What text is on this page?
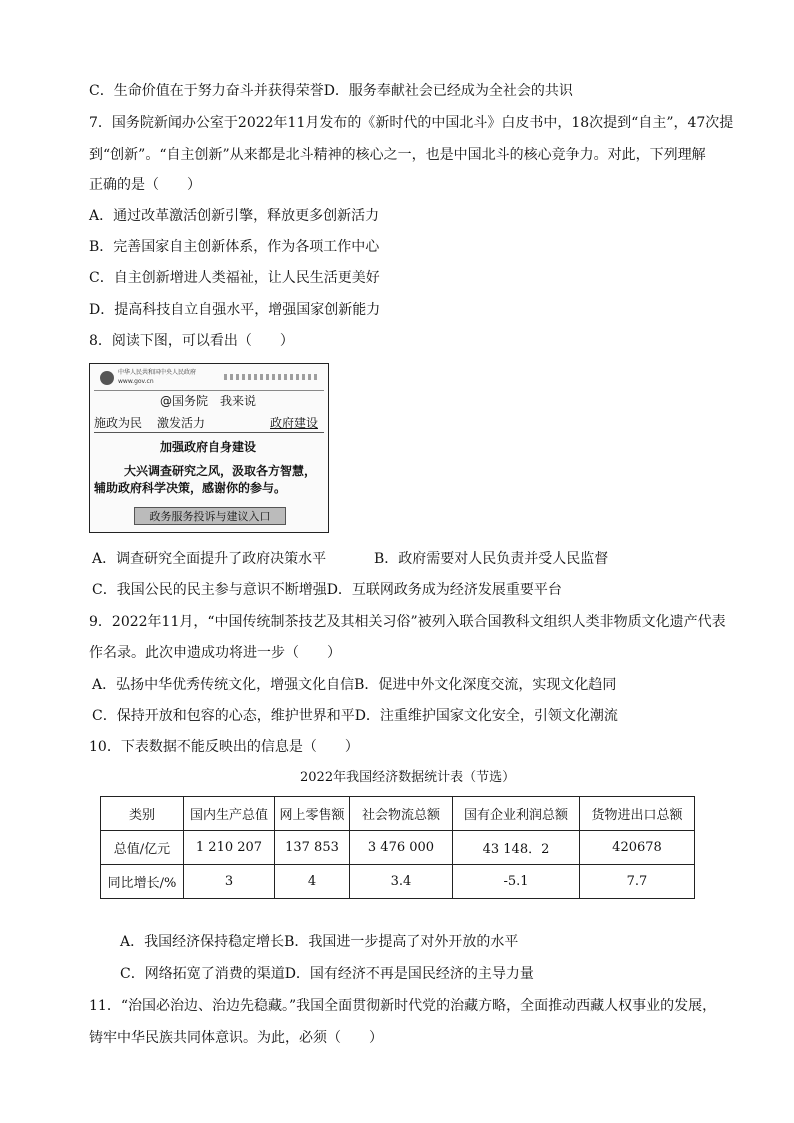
C．生命价值在于努力奋斗并获得荣誉D．服务奉献社会已经成为全社会的共识
7．国务院新闻办公室于2022年11月发布的《新时代的中国北斗》白皮书中，18次提到“自主”，47次提
到“创新”。“自主创新”从来都是北斗精神的核心之一，也是中国北斗的核心竞争力。对此，下列理解
正确的是（　　）
A．通过改革激活创新引擎，释放更多创新活力
B．完善国家自主创新体系，作为各项工作中心
C．自主创新增进人类福祉，让人民生活更美好
D．提高科技自立自强水平，增强国家创新能力
8．阅读下图，可以看出（　　）
中华人民共和国中央人民政府
www.gov.cn
@国务院　我来说
施政为民 激发活力	政府建设
加强政府自身建设
大兴调查研究之风，汲取各方智慧，
辅助政府科学决策，感谢你的参与。
政务服务投诉与建议入口
A．调查研究全面提升了政府决策水平	B．政府需要对人民负责并受人民监督
C．我国公民的民主参与意识不断增强D．互联网政务成为经济发展重要平台
9．2022年11月，“中国传统制茶技艺及其相关习俗”被列入联合国教科文组织人类非物质文化遗产代表
作名录。此次申遗成功将进一步（　　）
A．弘扬中华优秀传统文化，增强文化自信B．促进中外文化深度交流，实现文化趋同
C．保持开放和包容的心态，维护世界和平D．注重维护国家文化安全，引领文化潮流
10．下表数据不能反映出的信息是（　　）
2022年我国经济数据统计表（节选）
类别	国内生产总值	网上零售额	社会物流总额	国有企业利润总额	货物进出口总额
总值/亿元	1 210 207	137 853	3 476 000	43 148．2	420678
同比增长/%	3	4	3.4	-5.1	7.7
A．我国经济保持稳定增长B．我国进一步提高了对外开放的水平
C．网络拓宽了消费的渠道D．国有经济不再是国民经济的主导力量
11．“治国必治边、治边先稳藏。”我国全面贯彻新时代党的治藏方略，全面推动西藏人权事业的发展，
铸牢中华民族共同体意识。为此，必须（　　）
